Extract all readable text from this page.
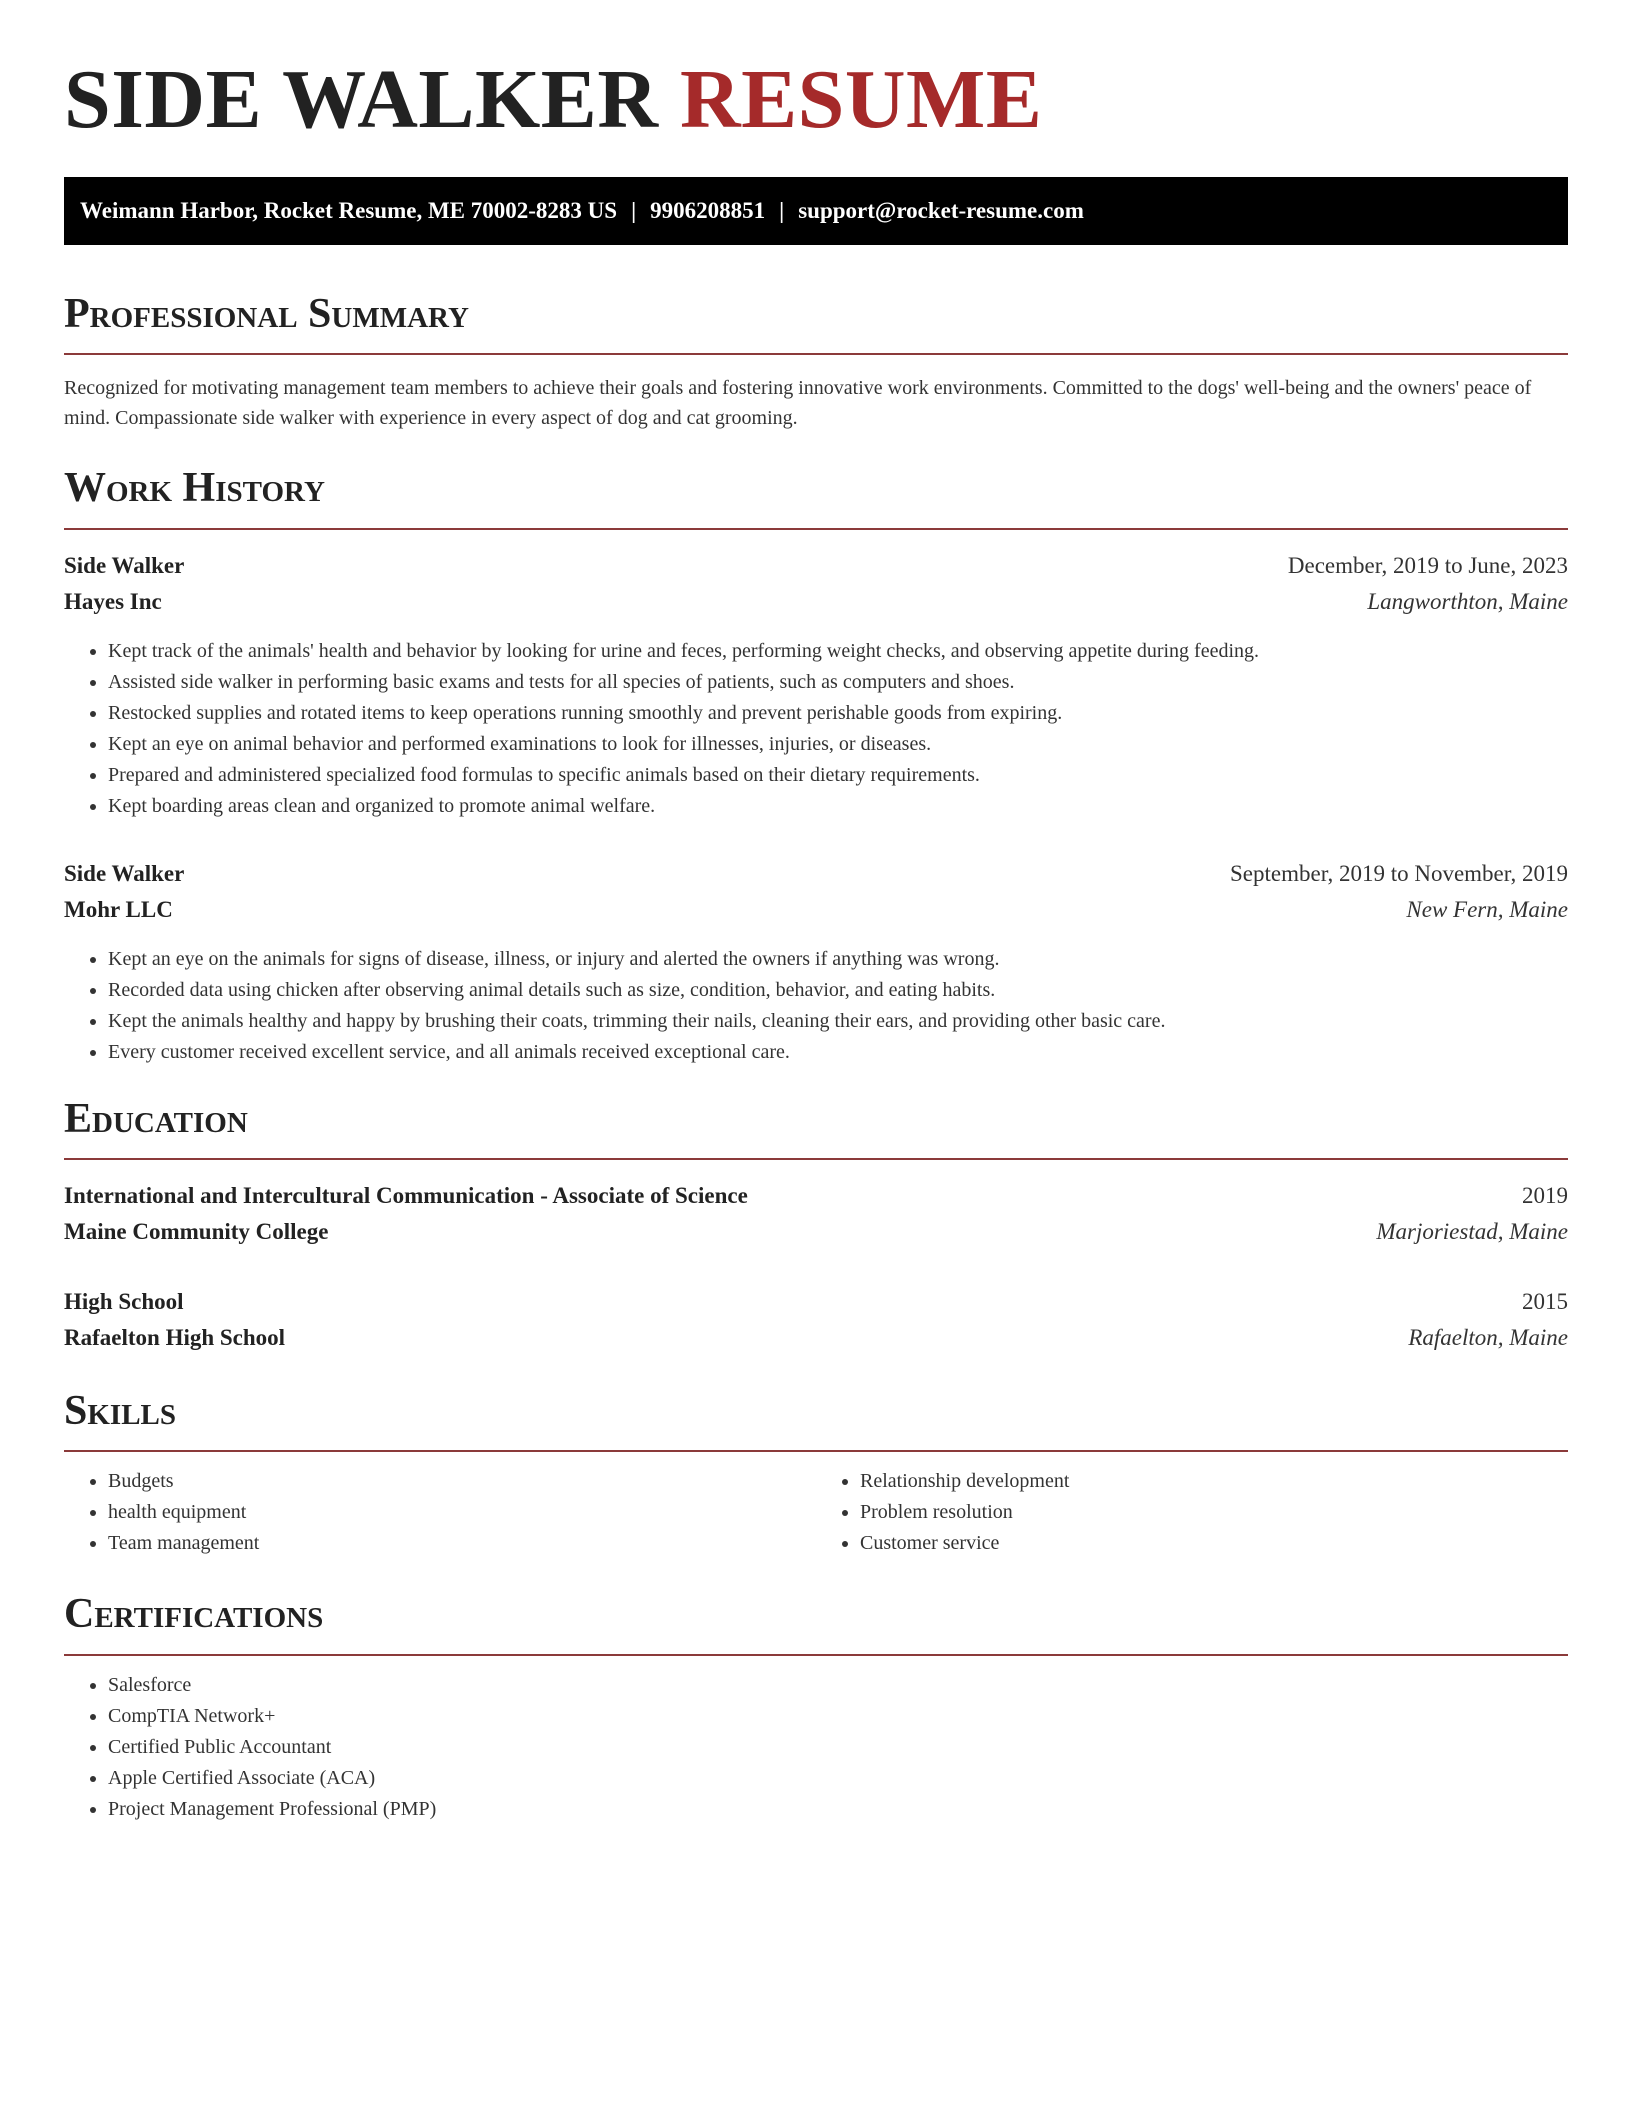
SIDE WALKER RESUME
Weimann Harbor, Rocket Resume, ME 70002-8283 US | 9906208851 | support@rocket-resume.com
Professional Summary

Recognized for motivating management team members to achieve their goals and fostering innovative work environments. Committed to the dogs' well-being and the owners' peace of mind. Compassionate side walker with experience in every aspect of dog and cat grooming.

Work History
Side Walker	December, 2019 to June, 2023
Hayes Inc	Langworthton, Maine
• Kept track of the animals' health and behavior by looking for urine and feces, performing weight checks, and observing appetite during feeding.
• Assisted side walker in performing basic exams and tests for all species of patients, such as computers and shoes.
• Restocked supplies and rotated items to keep operations running smoothly and prevent perishable goods from expiring.
• Kept an eye on animal behavior and performed examinations to look for illnesses, injuries, or diseases.
• Prepared and administered specialized food formulas to specific animals based on their dietary requirements.
• Kept boarding areas clean and organized to promote animal welfare.
Side Walker	September, 2019 to November, 2019
Mohr LLC	New Fern, Maine
• Kept an eye on the animals for signs of disease, illness, or injury and alerted the owners if anything was wrong.
• Recorded data using chicken after observing animal details such as size, condition, behavior, and eating habits.
• Kept the animals healthy and happy by brushing their coats, trimming their nails, cleaning their ears, and providing other basic care.
• Every customer received excellent service, and all animals received exceptional care.
Education
International and Intercultural Communication - Associate of Science	2019
Maine Community College	Marjoriestad, Maine
High School	2015
Rafaelton High School	Rafaelton, Maine
Skills
• Budgets
• health equipment
• Team management
• Relationship development
• Problem resolution
• Customer service
Certifications
• Salesforce
• CompTIA Network+
• Certified Public Accountant
• Apple Certified Associate (ACA)
• Project Management Professional (PMP)
